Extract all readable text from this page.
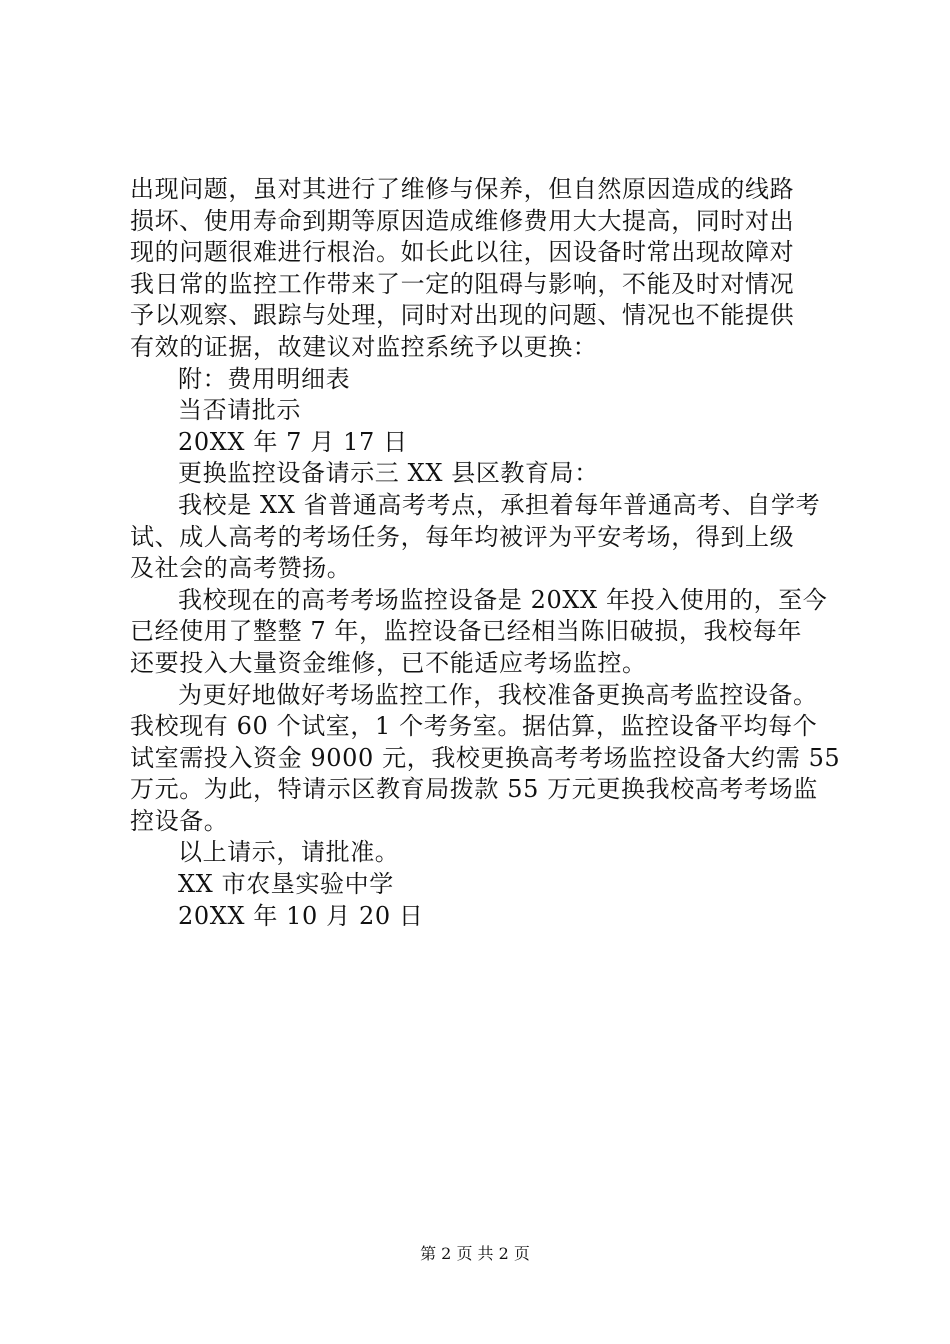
出现问题，虽对其进行了维修与保养，但自然原因造成的线路
损坏、使用寿命到期等原因造成维修费用大大提高，同时对出
现的问题很难进行根治。如长此以往，因设备时常出现故障对
我日常的监控工作带来了一定的阻碍与影响，不能及时对情况
予以观察、跟踪与处理，同时对出现的问题、情况也不能提供
有效的证据，故建议对监控系统予以更换：
附：费用明细表
当否请批示
20XX 年 7 月 17 日
更换监控设备请示三 XX 县区教育局：
我校是 XX 省普通高考考点，承担着每年普通高考、自学考
试、成人高考的考场任务，每年均被评为平安考场，得到上级
及社会的高考赞扬。
我校现在的高考考场监控设备是 20XX 年投入使用的，至今
已经使用了整整 7 年，监控设备已经相当陈旧破损，我校每年
还要投入大量资金维修，已不能适应考场监控。
为更好地做好考场监控工作，我校准备更换高考监控设备。
我校现有 60 个试室，1 个考务室。据估算，监控设备平均每个
试室需投入资金 9000 元，我校更换高考考场监控设备大约需 55
万元。为此，特请示区教育局拨款 55 万元更换我校高考考场监
控设备。
以上请示，请批准。
XX 市农垦实验中学
20XX 年 10 月 20 日
第 2 页 共 2 页
